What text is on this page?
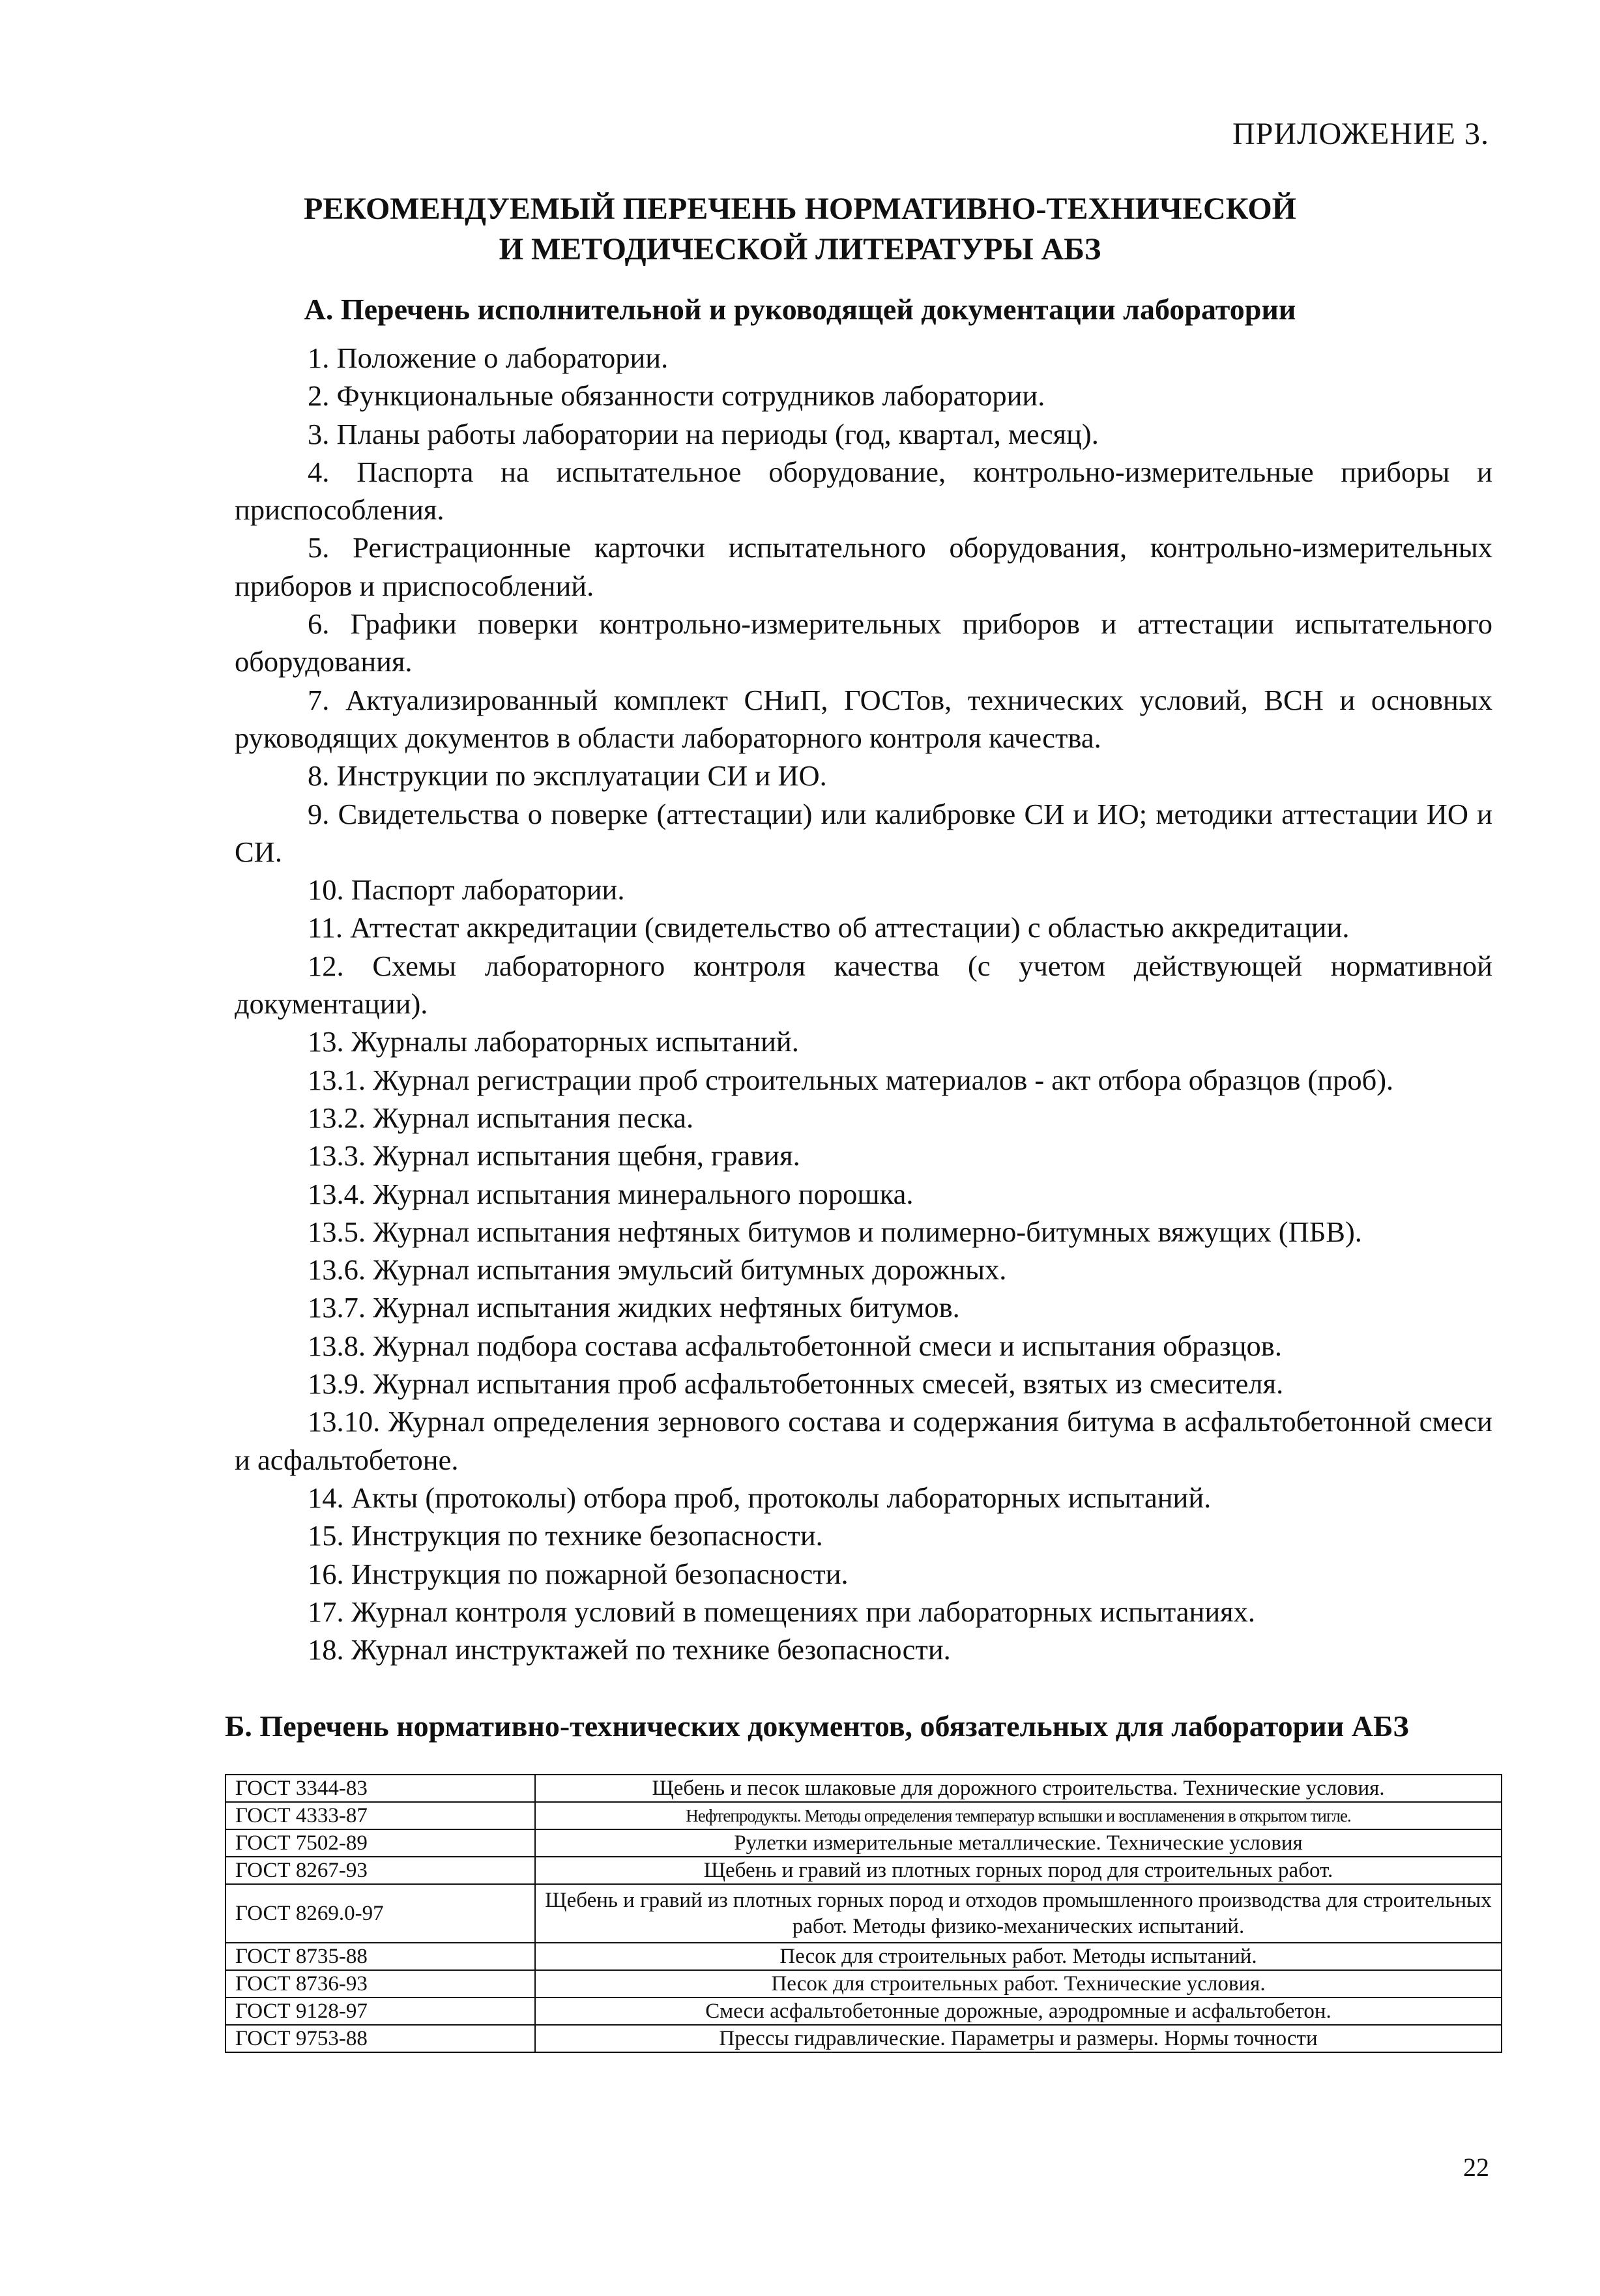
ПРИЛОЖЕНИЕ 3.
РЕКОМЕНДУЕМЫЙ ПЕРЕЧЕНЬ НОРМАТИВНО-ТЕХНИЧЕСКОЙ
И МЕТОДИЧЕСКОЙ ЛИТЕРАТУРЫ АБЗ
А. Перечень исполнительной и руководящей документации лаборатории

1. Положение о лаборатории.

2. Функциональные обязанности сотрудников лаборатории.

3. Планы работы лаборатории на периоды (год, квартал, месяц).

4. Паспорта на испытательное оборудование, контрольно-измерительные приборы и приспособления.

5. Регистрационные карточки испытательного оборудования, контрольно-измерительных приборов и приспособлений.

6. Графики поверки контрольно-измерительных приборов и аттестации испытательного оборудования.

7. Актуализированный комплект СНиП, ГОСТов, технических условий, ВСН и основных руководящих документов в области лабораторного контроля качества.

8. Инструкции по эксплуатации СИ и ИО.

9. Свидетельства о поверке (аттестации) или калибровке СИ и ИО; методики аттестации ИО и СИ.

10. Паспорт лаборатории.

11. Аттестат аккредитации (свидетельство об аттестации) с областью аккредитации.

12. Схемы лабораторного контроля качества (с учетом действующей нормативной документации).

13. Журналы лабораторных испытаний.

13.1. Журнал регистрации проб строительных материалов - акт отбора образцов (проб).

13.2. Журнал испытания песка.

13.3. Журнал испытания щебня, гравия.

13.4. Журнал испытания минерального порошка.

13.5. Журнал испытания нефтяных битумов и полимерно-битумных вяжущих (ПБВ).

13.6. Журнал испытания эмульсий битумных дорожных.

13.7. Журнал испытания жидких нефтяных битумов.

13.8. Журнал подбора состава асфальтобетонной смеси и испытания образцов.

13.9. Журнал испытания проб асфальтобетонных смесей, взятых из смесителя.

13.10. Журнал определения зернового состава и содержания битума в асфальтобетонной смеси и асфальтобетоне.

14. Акты (протоколы) отбора проб, протоколы лабораторных испытаний.

15. Инструкция по технике безопасности.

16. Инструкция по пожарной безопасности.

17. Журнал контроля условий в помещениях при лабораторных испытаниях.

18. Журнал инструктажей по технике безопасности.

Б. Перечень нормативно-технических документов, обязательных для лаборатории АБЗ
ГОСТ 3344-83	Щебень и песок шлаковые для дорожного строительства. Технические условия.
ГОСТ 4333-87	Нефтепродукты. Методы определения температур вспышки и воспламенения в открытом тигле.
ГОСТ 7502-89	Рулетки измерительные металлические. Технические условия
ГОСТ 8267-93	Щебень и гравий из плотных горных пород для строительных работ.
ГОСТ 8269.0-97	Щебень и гравий из плотных горных пород и отходов промышленного производства для строительных работ. Методы физико-механических испытаний.
ГОСТ 8735-88	Песок для строительных работ. Методы испытаний.
ГОСТ 8736-93	Песок для строительных работ. Технические условия.
ГОСТ 9128-97	Смеси асфальтобетонные дорожные, аэродромные и асфальтобетон.
ГОСТ 9753-88	Прессы гидравлические. Параметры и размеры. Нормы точности
22
